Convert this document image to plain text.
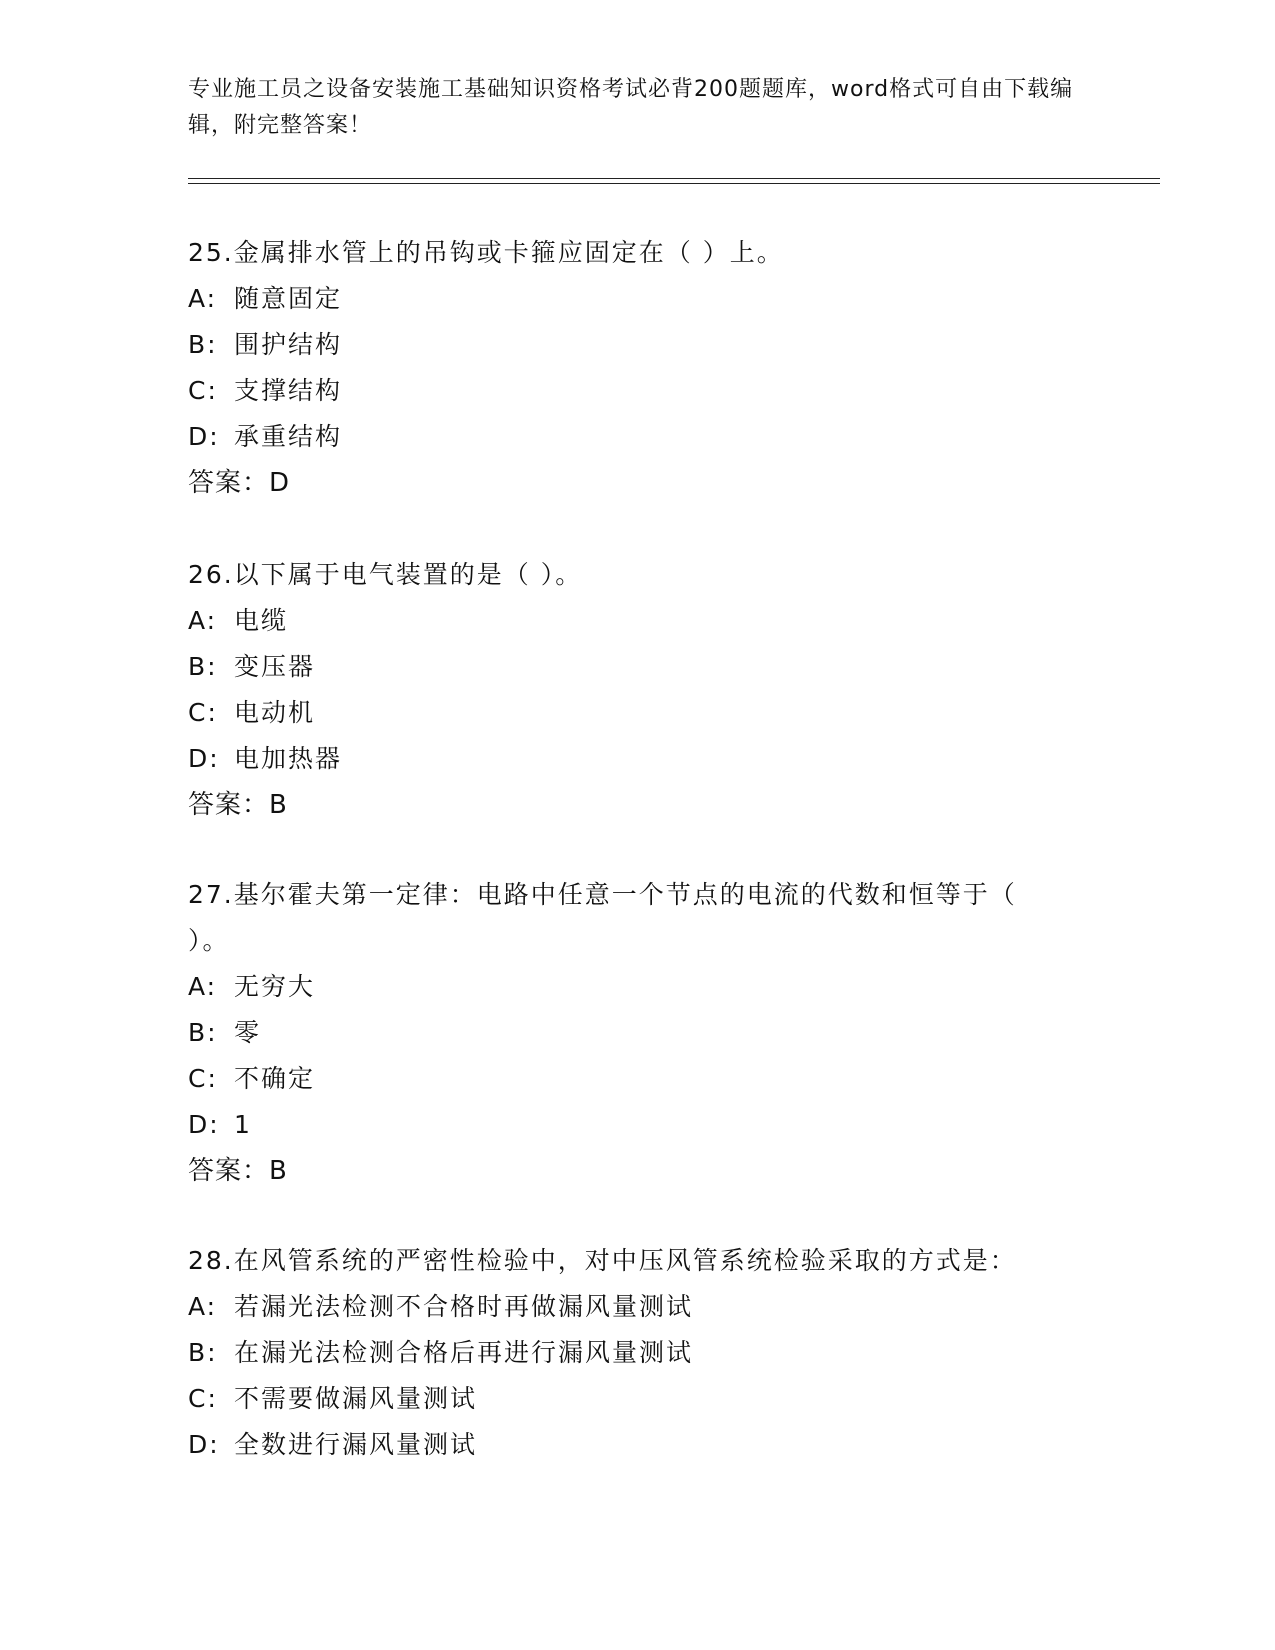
专业施工员之设备安装施工基础知识资格考试必背200题题库，word格式可自由下载编辑，附完整答案！

25.金属排水管上的吊钩或卡箍应固定在（ ）上。

A: 随意固定

B: 围护结构

C: 支撑结构

D: 承重结构

答案：D

26.以下属于电气装置的是（ ）。

A: 电缆

B: 变压器

C: 电动机

D: 电加热器

答案：B

27.基尔霍夫第一定律：电路中任意一个节点的电流的代数和恒等于（ ）。

A: 无穷大

B: 零

C: 不确定

D: 1

答案：B

28.在风管系统的严密性检验中，对中压风管系统检验采取的方式是：

A: 若漏光法检测不合格时再做漏风量测试

B: 在漏光法检测合格后再进行漏风量测试

C: 不需要做漏风量测试

D: 全数进行漏风量测试
